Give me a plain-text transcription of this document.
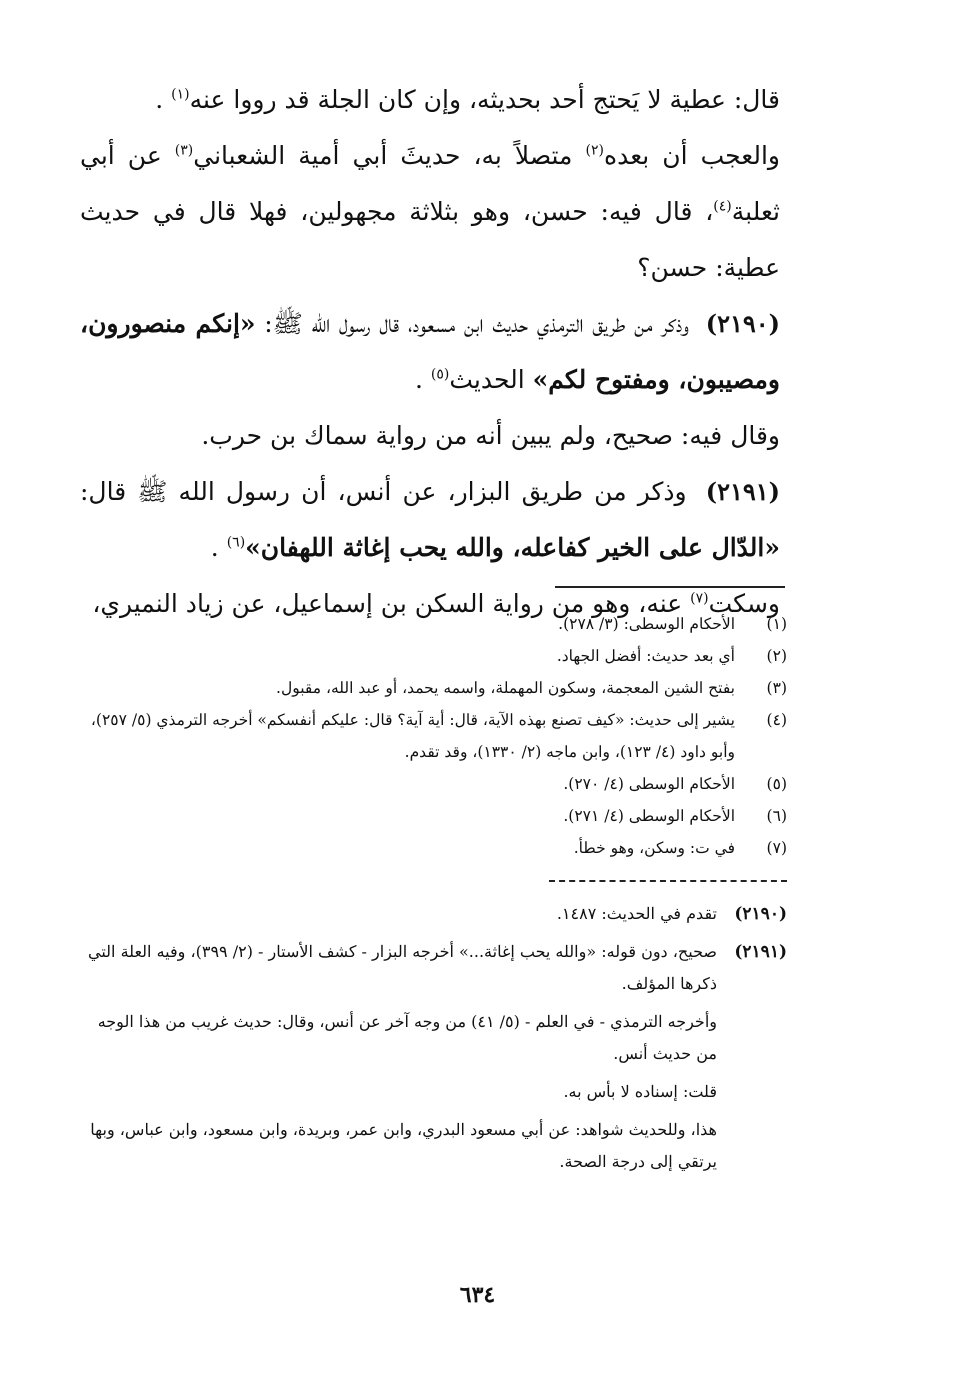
قال: عطية لا يَحتج أحد بحديثه، وإن كان الجلة قد رووا عنه$^{(١)}$ .

والعجب أن بعده$^{(٢)}$ متصلاً به، حديثَ أبي أمية الشعباني$^{(٣)}$ عن أبي ثعلبة$^{(٤)}$، قال فيه: حسن، وهو بثلاثة مجهولين، فهلا قال في حديث عطية: حسن؟

(٢١٩٠) وذكر من طريق الترمذي حديث ابن مسعود، قال رسول الله ﷺ: «إنكم منصورون، ومصيبون، ومفتوح لكم» الحديث$^{(٥)}$ .

وقال فيه: صحيح، ولم يبين أنه من رواية سماك بن حرب.

(٢١٩١) وذكر من طريق البزار، عن أنس، أن رسول الله ﷺ قال: «الدّال على الخير كفاعله، والله يحب إغاثة اللهفان»$^{(٦)}$ .

وسكت$^{(٧)}$ عنه، وهو من رواية السكن بن إسماعيل، عن زياد النميري،

(١)
الأحكام الوسطى: (٣/ ٢٧٨).
(٢)
أي بعد حديث: أفضل الجهاد.
(٣)
بفتح الشين المعجمة، وسكون المهملة، واسمه يحمد، أو عبد الله، مقبول.
(٤)
يشير إلى حديث: «كيف تصنع بهذه الآية، قال: أية آية؟ قال: عليكم أنفسكم» أخرجه الترمذي (٥/ ٢٥٧)، وأبو داود (٤/ ١٢٣)، وابن ماجه (٢/ ١٣٣٠)، وقد تقدم.
(٥)
الأحكام الوسطى (٤/ ٢٧٠).
(٦)
الأحكام الوسطى (٤/ ٢٧١).
(٧)
في ت: وسكن، وهو خطأ.
(٢١٩٠)

تقدم في الحديث: ١٤٨٧.

(٢١٩١)

صحيح، دون قوله: «والله يحب إغاثة...» أخرجه البزار - كشف الأستار - (٢/ ٣٩٩)، وفيه العلة التي ذكرها المؤلف.

وأخرجه الترمذي - في العلم - (٥/ ٤١) من وجه آخر عن أنس، وقال: حديث غريب من هذا الوجه من حديث أنس.

قلت: إسناده لا بأس به.

هذا، وللحديث شواهد: عن أبي مسعود البدري، وابن عمر، وبريدة، وابن مسعود، وابن عباس، وبها يرتقي إلى درجة الصحة.

٦٣٤
